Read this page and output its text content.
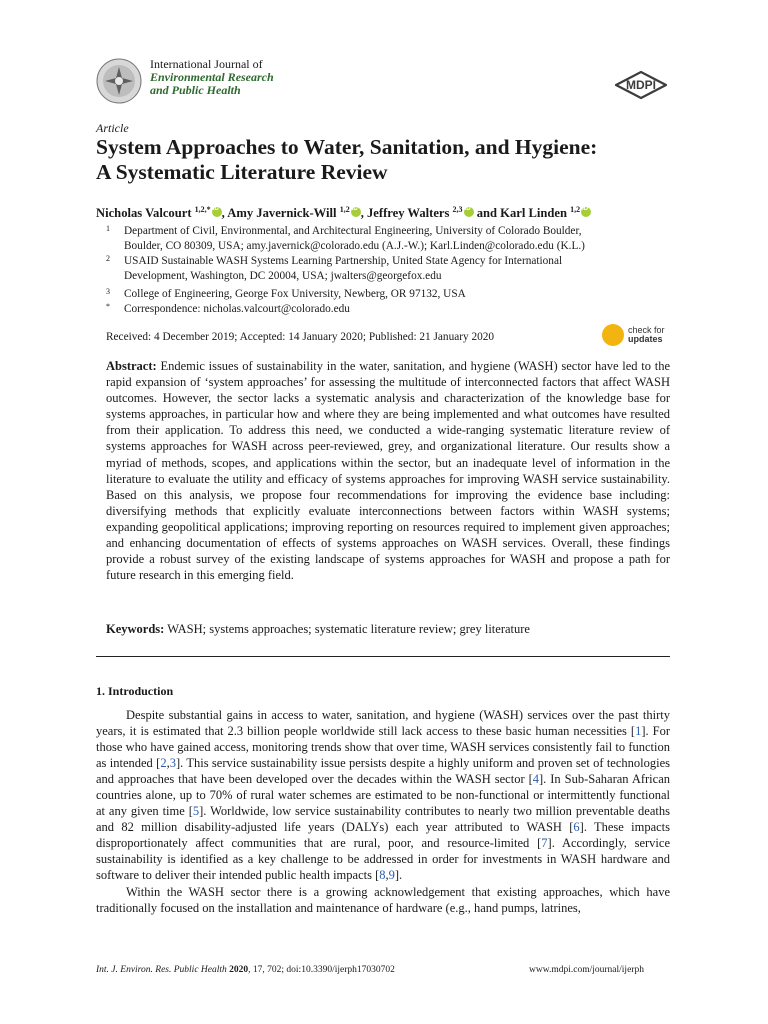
International Journal of
Environmental Research
and Public Health	MDPI
Article
System Approaches to Water, Sanitation, and Hygiene:
A Systematic Literature Review
Nicholas Valcourt $^{1,2,*}$ iD , Amy Javernick-Will $^{1,2}$ iD , Jeffrey Walters $^{2,3}$iD and Karl Linden $^{1,2}$iD
1 Department of Civil, Environmental, and Architectural Engineering, University of Colorado Boulder,
Boulder, CO 80309, USA; amy.javernick@colorado.edu (A.J.-W.); Karl.Linden@colorado.edu (K.L.)
2 USAID Sustainable WASH Systems Learning Partnership, United State Agency for International
Development, Washington, DC 20004, USA; jwalters@georgefox.edu
3 College of Engineering, George Fox University, Newberg, OR 97132, USA
* Correspondence: nicholas.valcourt@colorado.edu
Received: 4 December 2019; Accepted: 14 January 2020; Published: 21 January 2020
check for
updates
Abstract: Endemic issues of sustainability in the water, sanitation, and hygiene (WASH) sector have led to the rapid expansion of ‘system approaches’ for assessing the multitude of interconnected factors that affect WASH outcomes. However, the sector lacks a systematic analysis and characterization of the knowledge base for systems approaches, in particular how and where they are being implemented and what outcomes have resulted from their application. To address this need, we conducted a wide-ranging systematic literature review of systems approaches for WASH across peer-reviewed, grey, and organizational literature. Our results show a myriad of methods, scopes, and applications within the sector, but an inadequate level of information in the literature to evaluate the utility and efficacy of systems approaches for improving WASH service sustainability. Based on this analysis, we propose four recommendations for improving the evidence base including: diversifying methods that explicitly evaluate interconnections between factors within WASH systems; expanding geopolitical applications; improving reporting on resources required to implement given approaches; and enhancing documentation of effects of systems approaches on WASH services. Overall, these findings provide a robust survey of the existing landscape of systems approaches for WASH and propose a path for future research in this emerging field.
Keywords: WASH; systems approaches; systematic literature review; grey literature
1. Introduction

Despite substantial gains in access to water, sanitation, and hygiene (WASH) services over the past thirty years, it is estimated that 2.3 billion people worldwide still lack access to these basic human necessities [1]. For those who have gained access, monitoring trends show that over time, WASH services consistently fail to function as intended [2,3]. This service sustainability issue persists despite a highly uniform and proven set of technologies and approaches that have been developed over the decades within the WASH sector [4]. In Sub-Saharan African countries alone, up to 70% of rural water schemes are estimated to be non-functional or intermittently functional at any given time [5]. Worldwide, low service sustainability contributes to nearly two million preventable deaths and 82 million disability-adjusted life years (DALYs) each year attributed to WASH [6]. These impacts disproportionately affect communities that are rural, poor, and resource-limited [7]. Accordingly, service sustainability is identified as a key challenge to be addressed in order for investments in WASH hardware and software to deliver their intended public health impacts [8,9].

Within the WASH sector there is a growing acknowledgement that existing approaches, which have traditionally focused on the installation and maintenance of hardware (e.g., hand pumps, latrines,

Int. J. Environ. Res. Public Health 2020, 17, 702; doi:10.3390/ijerph17030702	www.mdpi.com/journal/ijerph
